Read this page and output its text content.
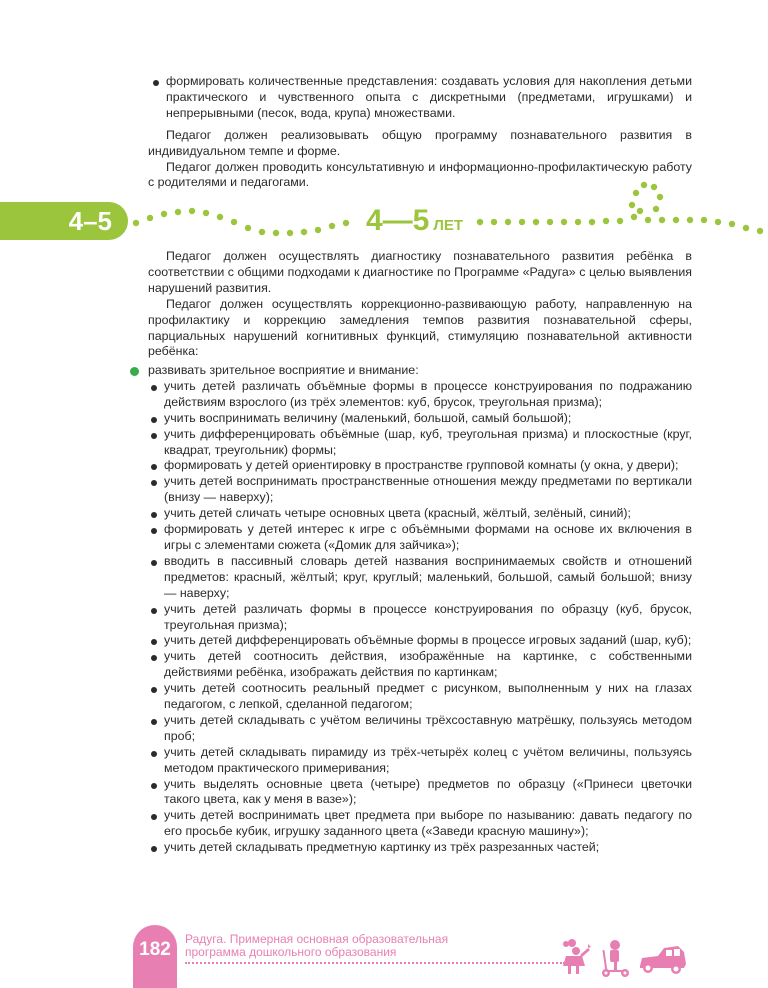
формировать количественные представления: создавать условия для накопления детьми практического и чувственного опыта с дискретными (предметами, игрушками) и непрерывными (песок, вода, крупа) множествами.
Педагог должен реализовывать общую программу познавательного развития в индивидуальном темпе и форме.
Педагог должен проводить консультативную и информационно-профилактическую работу с родителями и педагогами.
4–5	4—5 ЛЕТ
Педагог должен осуществлять диагностику познавательного развития ребёнка в соответствии с общими подходами к диагностике по Программе «Радуга» с целью выявления нарушений развития.
Педагог должен осуществлять коррекционно-развивающую работу, направленную на профилактику и коррекцию замедления темпов развития познавательной сферы, парциальных нарушений когнитивных функций, стимуляцию познавательной активности ребёнка:
развивать зрительное восприятие и внимание:
учить детей различать объёмные формы в процессе конструирования по подражанию действиям взрослого (из трёх элементов: куб, брусок, треугольная призма);
учить воспринимать величину (маленький, большой, самый большой);
учить дифференцировать объёмные (шар, куб, треугольная призма) и плоскостные (круг, квадрат, треугольник) формы;
формировать у детей ориентировку в пространстве групповой комнаты (у окна, у двери);
учить детей воспринимать пространственные отношения между предметами по вертикали (внизу — наверху);
учить детей сличать четыре основных цвета (красный, жёлтый, зелёный, синий);
формировать у детей интерес к игре с объёмными формами на основе их включения в игры с элементами сюжета («Домик для зайчика»);
вводить в пассивный словарь детей названия воспринимаемых свойств и отношений предметов: красный, жёлтый; круг, круглый; маленький, большой, самый большой; внизу — наверху;
учить детей различать формы в процессе конструирования по образцу (куб, брусок, треугольная призма);
учить детей дифференцировать объёмные формы в процессе игровых заданий (шар, куб);
учить детей соотносить действия, изображённые на картинке, с собственными действиями ребёнка, изображать действия по картинкам;
учить детей соотносить реальный предмет с рисунком, выполненным у них на глазах педагогом, с лепкой, сделанной педагогом;
учить детей складывать с учётом величины трёхсоставную матрёшку, пользуясь методом проб;
учить детей складывать пирамиду из трёх-четырёх колец с учётом величины, пользуясь методом практического примеривания;
учить выделять основные цвета (четыре) предметов по образцу («Принеси цветочки такого цвета, как у меня в вазе»);
учить детей воспринимать цвет предмета при выборе по называнию: давать педагогу по его просьбе кубик, игрушку заданного цвета («Заведи красную машину»);
учить детей складывать предметную картинку из трёх разрезанных частей;
182 Радуга. Примерная основная образовательная
программа дошкольного образования
